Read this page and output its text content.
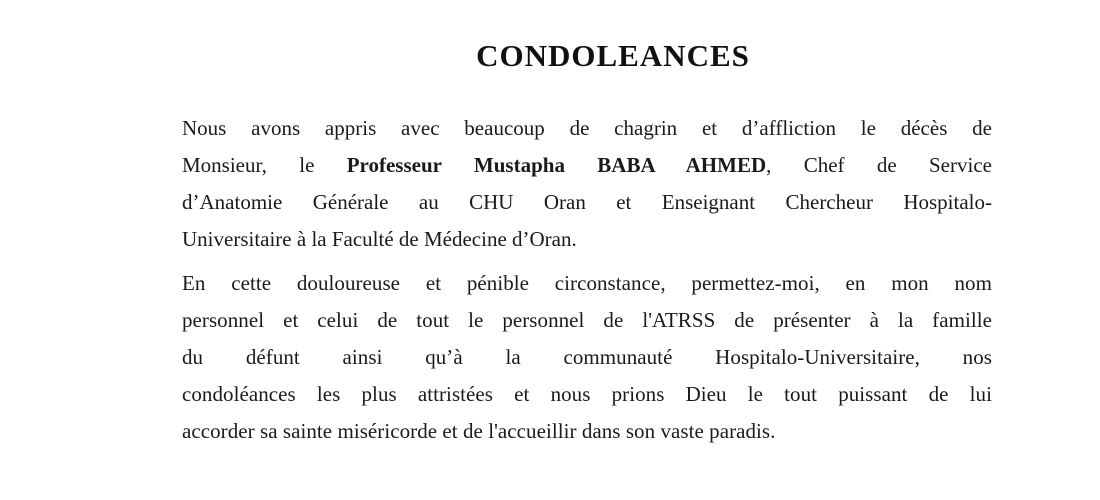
CONDOLEANCES
Nous avons appris avec beaucoup de chagrin et d’affliction le décès de
Monsieur, le Professeur Mustapha BABA AHMED, Chef de Service
d’Anatomie Générale au CHU Oran et Enseignant Chercheur Hospitalo-
Universitaire à la Faculté de Médecine d’Oran.
En cette douloureuse et pénible circonstance, permettez-moi, en mon nom
personnel et celui de tout le personnel de l'ATRSS de présenter à la famille
du défunt ainsi qu’à la communauté Hospitalo-Universitaire, nos
condoléances les plus attristées et nous prions Dieu le tout puissant de lui
accorder sa sainte miséricorde et de l'accueillir dans son vaste paradis.
